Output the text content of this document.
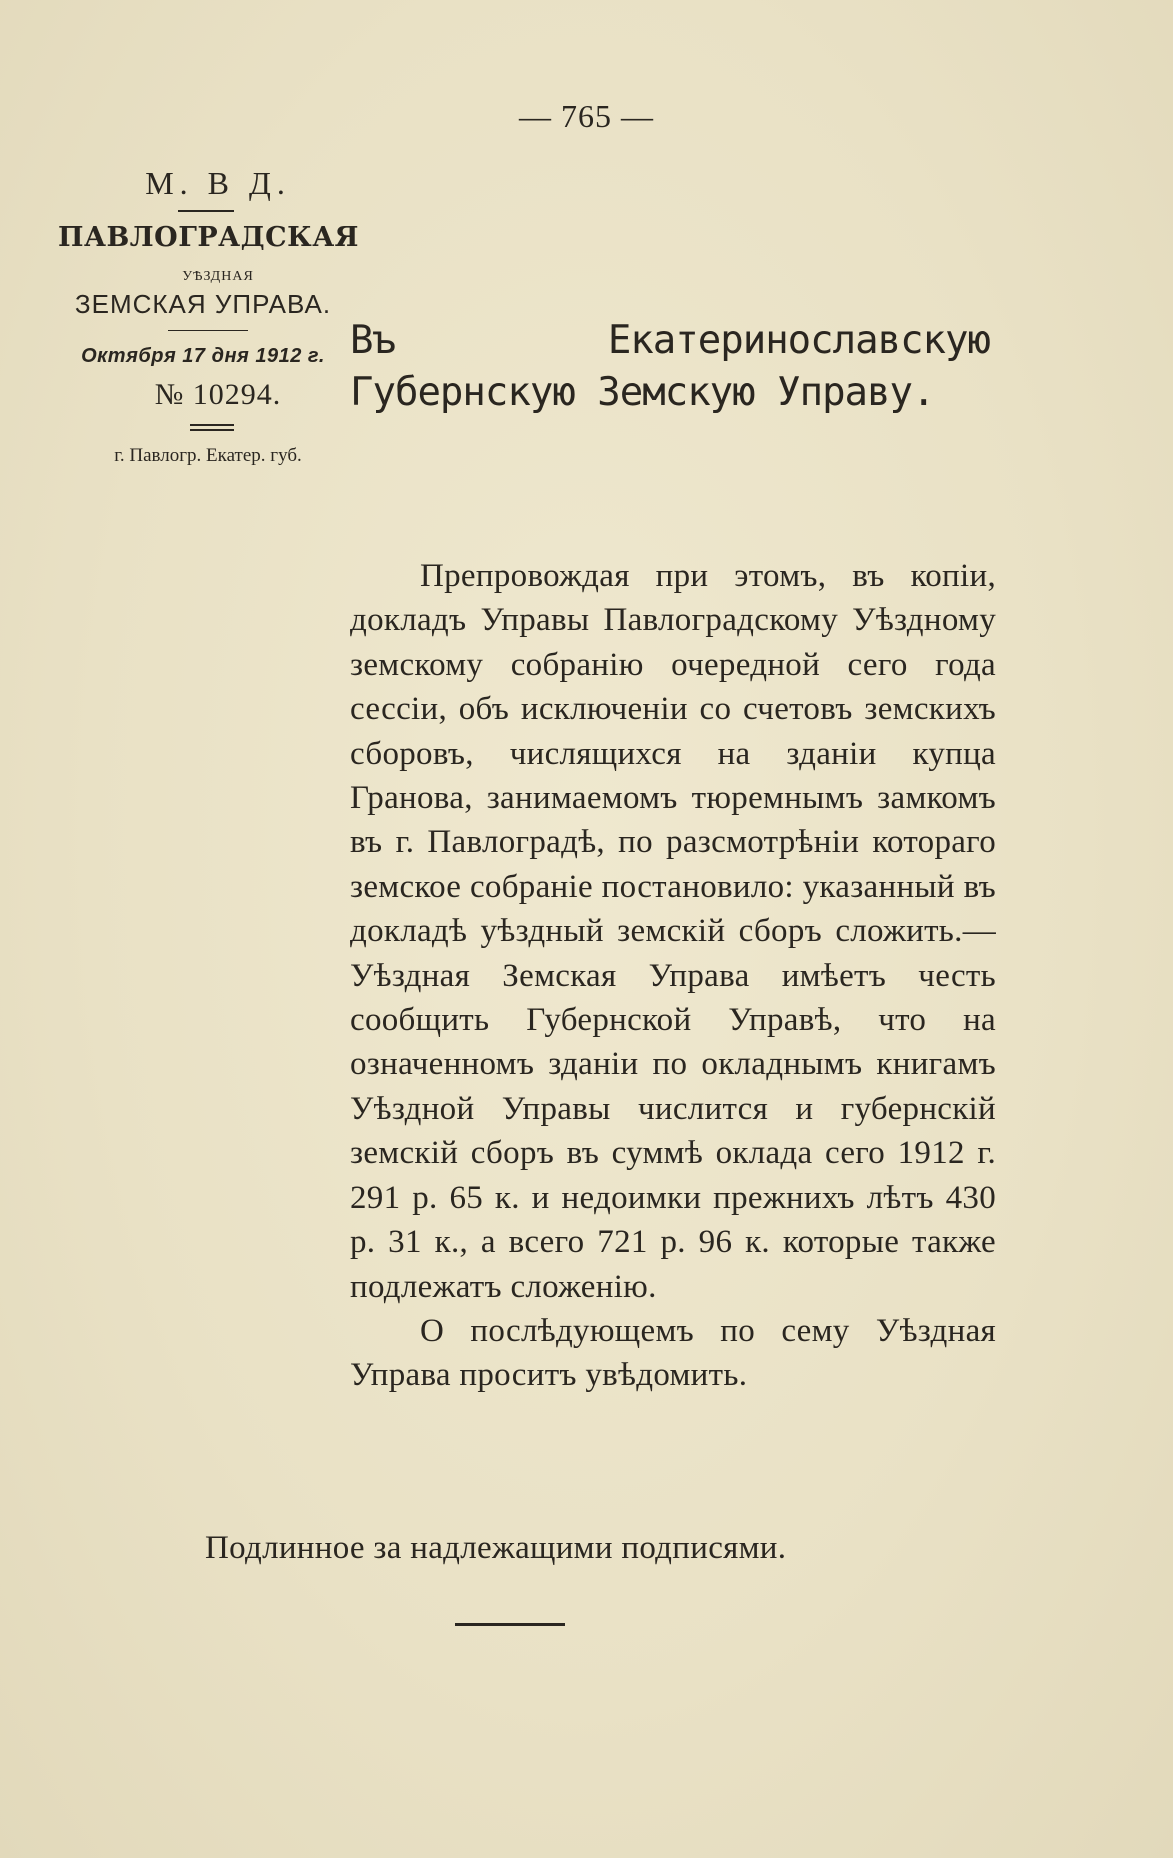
— 765 —
М. В Д.
ПАВЛОГРАДСКАЯ
УѢЗДНАЯ
ЗЕМСКАЯ УПРАВА.
Октября 17 дня 1912 г.
№ 10294.
г. Павлогр. Екатер. губ.
Въ Екатеринославскую Губернскую Земскую Управу.

Препровождая при этомъ, въ копіи, докладъ Управы Павлоградскому Уѣздному земскому собранію очередной сего года сессіи, объ исключеніи со счетовъ земскихъ сборовъ, числящихся на зданіи купца Гранова, занимаемомъ тюремнымъ замкомъ въ г. Павлоградѣ, по разсмотрѣніи котораго земское собраніе постановило: указанный въ докладѣ уѣздный земскій сборъ сложить.—Уѣздная Земская Управа имѣетъ честь сообщить Губернской Управѣ, что на означенномъ зданіи по окладнымъ книгамъ Уѣздной Управы числится и губернскій земскій сборъ въ суммѣ оклада сего 1912 г. 291 р. 65 к. и недоимки прежнихъ лѣтъ 430 р. 31 к., а всего 721 р. 96 к. которые также подлежатъ сложенію.

О послѣдующемъ по сему Уѣздная Управа проситъ увѣдомить.

Подлинное за надлежащими подписями.
